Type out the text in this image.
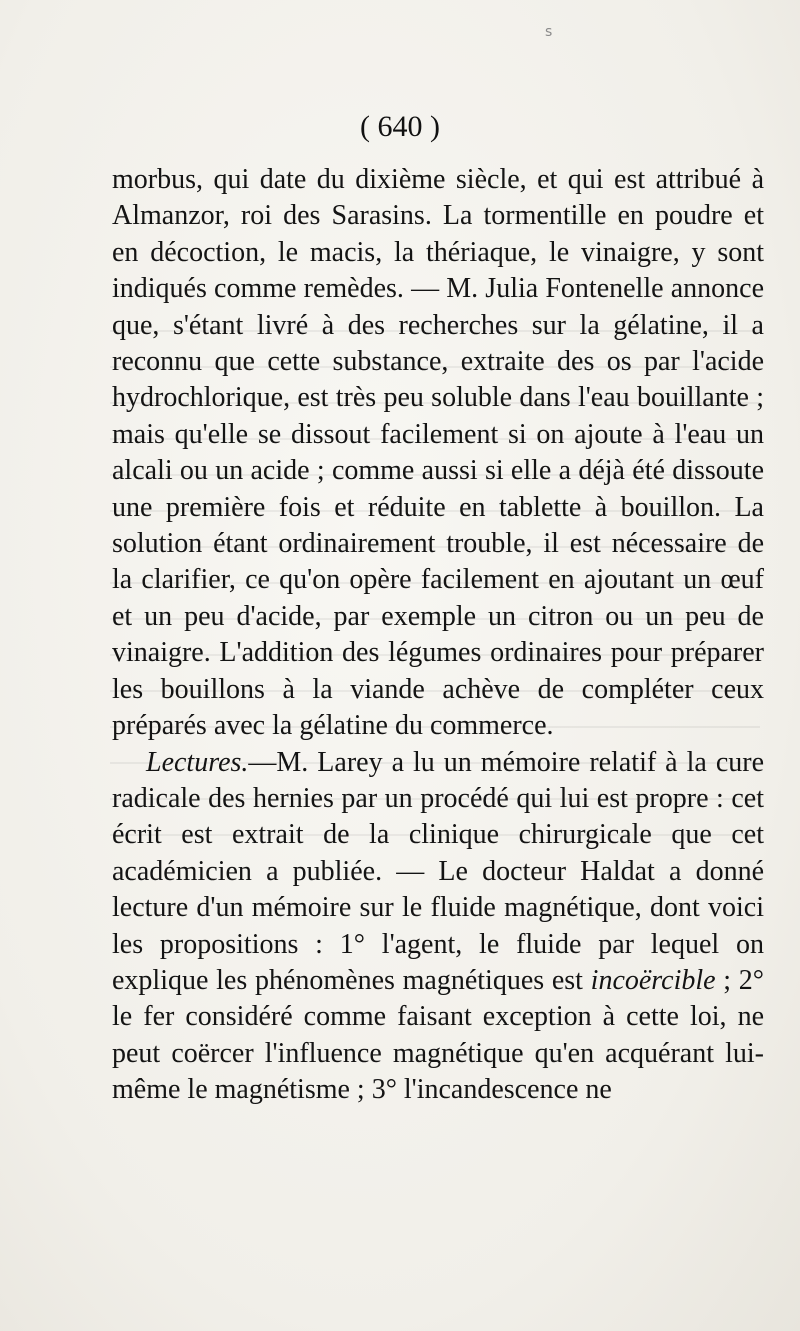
s
( 640 )

morbus, qui date du dixième siècle, et qui est attribué à Almanzor, roi des Sarasins. La tormentille en poudre et en décoction, le macis, la thériaque, le vinaigre, y sont indiqués comme remèdes. — M. Julia Fontenelle annonce que, s'étant livré à des recherches sur la gélatine, il a reconnu que cette substance, extraite des os par l'acide hydrochlorique, est très peu soluble dans l'eau bouillante ; mais qu'elle se dissout facilement si on ajoute à l'eau un alcali ou un acide ; comme aussi si elle a déjà été dissoute une première fois et réduite en tablette à bouillon. La solution étant ordinairement trouble, il est nécessaire de la clarifier, ce qu'on opère facilement en ajoutant un œuf et un peu d'acide, par exemple un citron ou un peu de vinaigre. L'addition des légumes ordinaires pour préparer les bouillons à la viande achève de compléter ceux préparés avec la gélatine du commerce.

Lectures.—M. Larey a lu un mémoire relatif à la cure radicale des hernies par un procédé qui lui est propre : cet écrit est extrait de la clinique chirurgicale que cet académicien a publiée. — Le docteur Haldat a donné lecture d'un mémoire sur le fluide magnétique, dont voici les propositions : 1° l'agent, le fluide par lequel on explique les phénomènes magnétiques est incoërcible ; 2° le fer considéré comme faisant exception à cette loi, ne peut coërcer l'influence magnétique qu'en acquérant lui-même le magnétisme ; 3° l'incandescence ne
